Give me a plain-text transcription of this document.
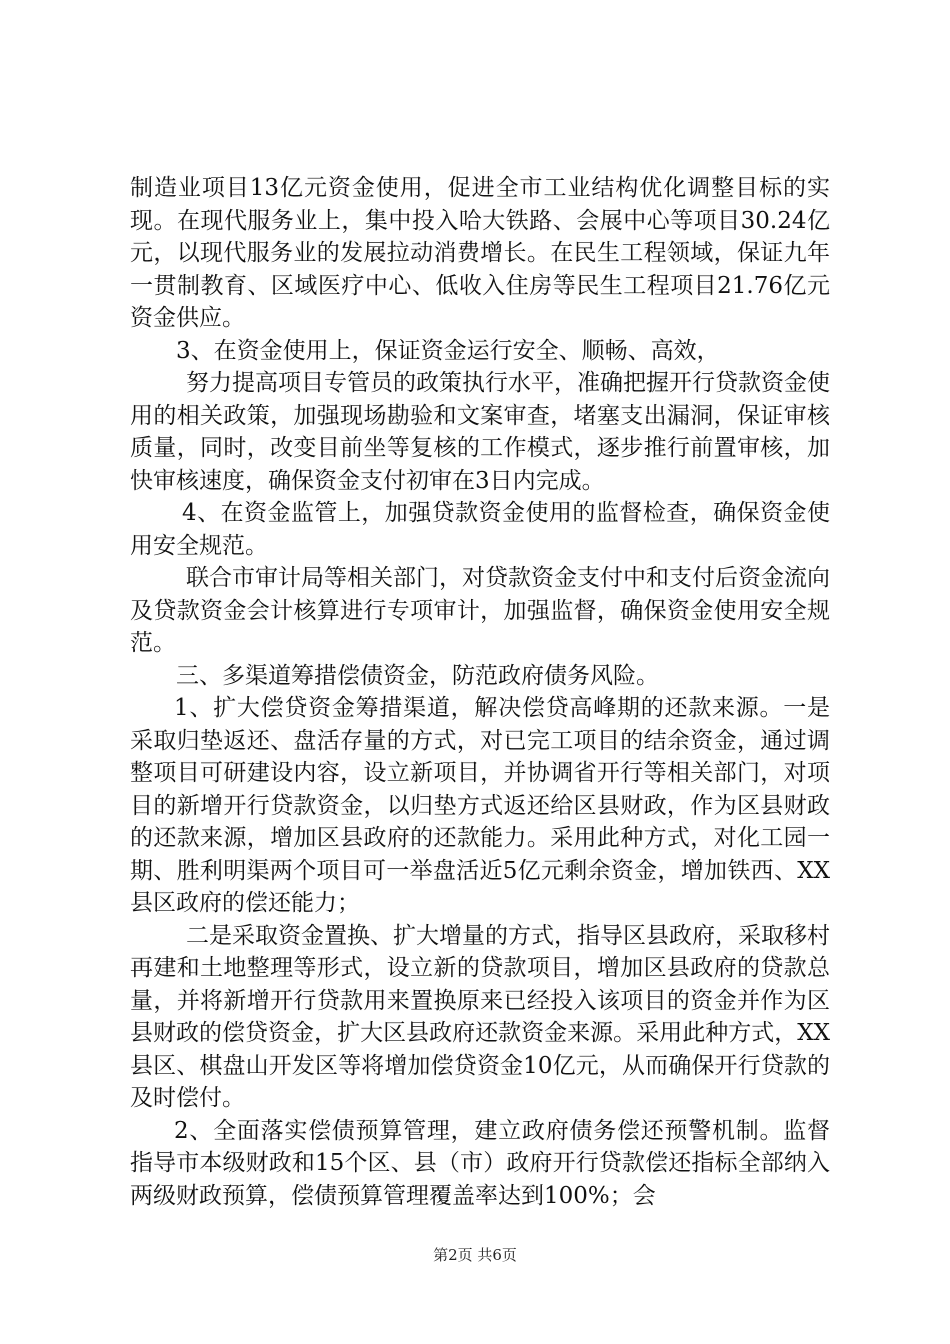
制造业项目13亿元资金使用，促进全市工业结构优化调整目标的实现。在现代服务业上，集中投入哈大铁路、会展中心等项目30.24亿元，以现代服务业的发展拉动消费增长。在民生工程领域，保证九年一贯制教育、区域医疗中心、低收入住房等民生工程项目21.76亿元资金供应。

3、在资金使用上，保证资金运行安全、顺畅、高效，

努力提高项目专管员的政策执行水平，准确把握开行贷款资金使用的相关政策，加强现场勘验和文案审查，堵塞支出漏洞，保证审核质量，同时，改变目前坐等复核的工作模式，逐步推行前置审核，加快审核速度，确保资金支付初审在3日内完成。

4、在资金监管上，加强贷款资金使用的监督检查，确保资金使用安全规范。

联合市审计局等相关部门，对贷款资金支付中和支付后资金流向及贷款资金会计核算进行专项审计，加强监督，确保资金使用安全规范。

三、多渠道筹措偿债资金，防范政府债务风险。

1、扩大偿贷资金筹措渠道，解决偿贷高峰期的还款来源。一是采取归垫返还、盘活存量的方式，对已完工项目的结余资金，通过调整项目可研建设内容，设立新项目，并协调省开行等相关部门，对项目的新增开行贷款资金，以归垫方式返还给区县财政，作为区县财政的还款来源，增加区县政府的还款能力。采用此种方式，对化工园一期、胜利明渠两个项目可一举盘活近5亿元剩余资金，增加铁西、XX县区政府的偿还能力；

二是采取资金置换、扩大增量的方式，指导区县政府，采取移村再建和土地整理等形式，设立新的贷款项目，增加区县政府的贷款总量，并将新增开行贷款用来置换原来已经投入该项目的资金并作为区县财政的偿贷资金，扩大区县政府还款资金来源。采用此种方式，XX县区、棋盘山开发区等将增加偿贷资金10亿元，从而确保开行贷款的及时偿付。

2、全面落实偿债预算管理，建立政府债务偿还预警机制。监督指导市本级财政和15个区、县（市）政府开行贷款偿还指标全部纳入两级财政预算，偿债预算管理覆盖率达到100%；会

第2页 共6页
